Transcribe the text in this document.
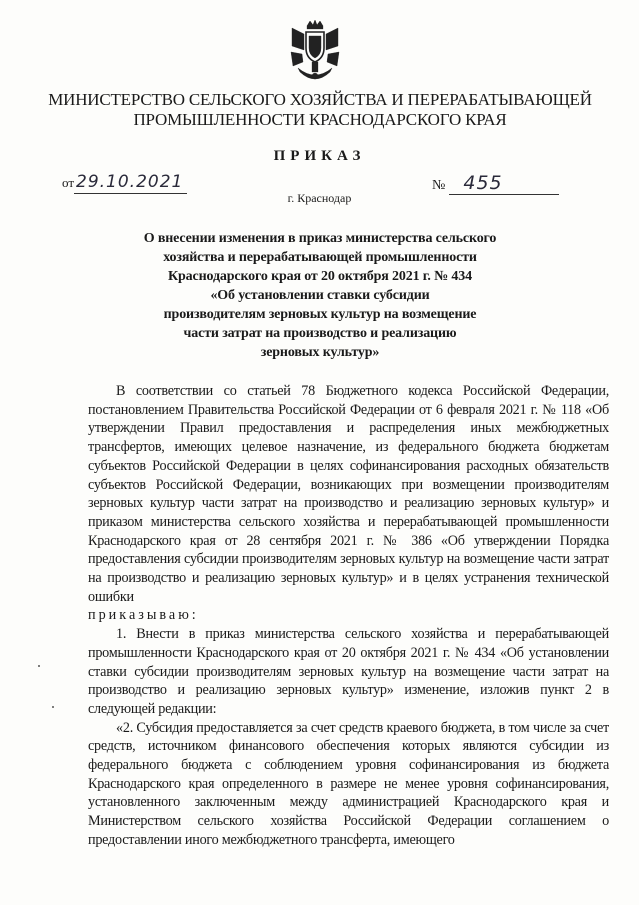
МИНИСТЕРСТВО СЕЛЬСКОГО ХОЗЯЙСТВА И ПЕРЕРАБАТЫВАЮЩЕЙ
ПРОМЫШЛЕННОСТИ КРАСНОДАРСКОГО КРАЯ
ПРИКАЗ
от 29.10.2021	№ 455
г. Краснодар
О внесении изменения в приказ министерства сельского
хозяйства и перерабатывающей промышленности
Краснодарского края от 20 октября 2021 г. № 434
«Об установлении ставки субсидии
производителям зерновых культур на возмещение
части затрат на производство и реализацию
зерновых культур»

В соответствии со статьей 78 Бюджетного кодекса Российской Федерации, постановлением Правительства Российской Федерации от 6 февраля 2021 г. № 118 «Об утверждении Правил предоставления и распределения иных межбюджетных трансфертов, имеющих целевое назначение, из федерального бюджета бюджетам субъектов Российской Федерации в целях софинансирования расходных обязательств субъектов Российской Федерации, возникающих при возмещении производителям зерновых культур части затрат на производство и реализацию зерновых культур» и приказом министерства сельского хозяйства и перерабатывающей промышленности Краснодарского края от 28 сентября 2021 г. № 386 «Об утверждении Порядка предоставления субсидии производителям зерновых культур на возмещение части затрат на производство и реализацию зерновых культур» и в целях устранения технической ошибки

приказываю:

1. Внести в приказ министерства сельского хозяйства и перерабатывающей промышленности Краснодарского края от 20 октября 2021 г. № 434 «Об установлении ставки субсидии производителям зерновых культур на возмещение части затрат на производство и реализацию зерновых культур» изменение, изложив пункт 2 в следующей редакции:

«2. Субсидия предоставляется за счет средств краевого бюджета, в том числе за счет средств, источником финансового обеспечения которых являются субсидии из федерального бюджета с соблюдением уровня софинансирования из бюджета Краснодарского края определенного в размере не менее уровня софинансирования, установленного заключенным между администрацией Краснодарского края и Министерством сельского хозяйства Российской Федерации соглашением о предоставлении иного межбюджетного трансферта, имеющего
